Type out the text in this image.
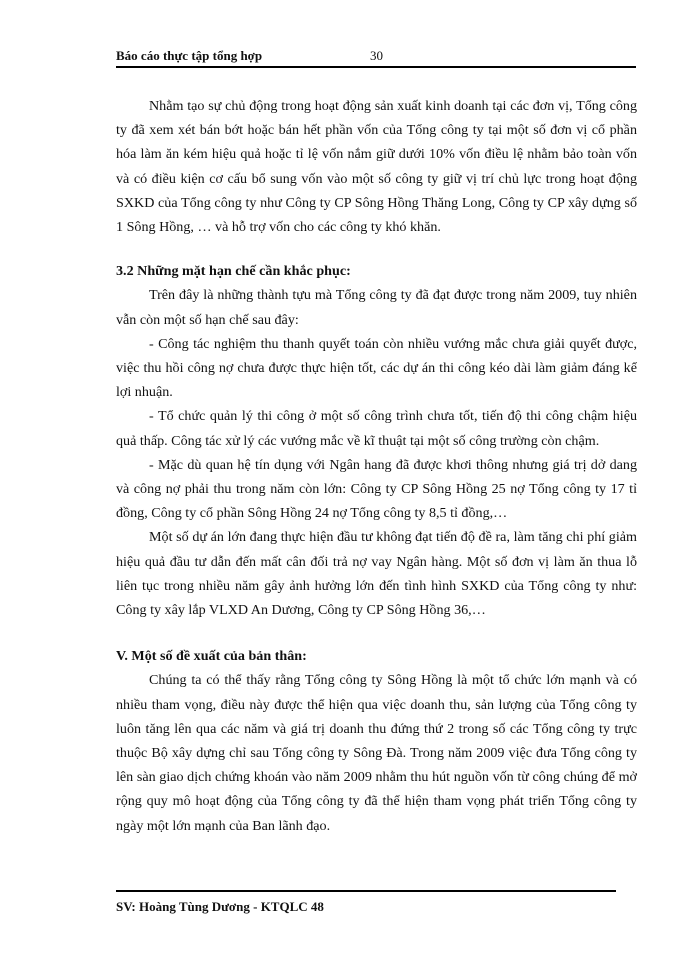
Báo cáo thực tập tổng hợp	30

Nhằm tạo sự chủ động trong hoạt động sản xuất kinh doanh tại các đơn vị, Tổng công ty đã xem xét bán bớt hoặc bán hết phần vốn của Tổng công ty tại một số đơn vị cổ phần hóa làm ăn kém hiệu quả hoặc tỉ lệ vốn nắm giữ dưới 10% vốn điều lệ nhằm bảo toàn vốn và có điều kiện cơ cấu bổ sung vốn vào một số công ty giữ vị trí chủ lực trong hoạt động SXKD của Tổng công ty như Công ty CP Sông Hồng Thăng Long, Công ty CP xây dựng số 1 Sông Hồng, … và hỗ trợ vốn cho các công ty khó khăn.

3.2 Những mặt hạn chế cần khắc phục:

Trên đây là những thành tựu mà Tổng công ty đã đạt được trong năm 2009, tuy nhiên vẫn còn một số hạn chế sau đây:

- Công tác nghiệm thu thanh quyết toán còn nhiều vướng mắc chưa giải quyết được, việc thu hồi công nợ chưa được thực hiện tốt, các dự án thi công kéo dài làm giảm đáng kể lợi nhuận.

- Tổ chức quản lý thi công ở một số công trình chưa tốt, tiến độ thi công chậm hiệu quả thấp. Công tác xử lý các vướng mắc về kĩ thuật tại một số công trường còn chậm.

- Mặc dù quan hệ tín dụng với Ngân hang đã được khơi thông nhưng giá trị dở dang và công nợ phải thu trong năm còn lớn: Công ty CP Sông Hồng 25 nợ Tổng công ty 17 tỉ đồng, Công ty cổ phần Sông Hồng 24 nợ Tổng công ty 8,5 tỉ đồng,…

Một số dự án lớn đang thực hiện đầu tư không đạt tiến độ đề ra, làm tăng chi phí giảm hiệu quả đầu tư dẫn đến mất cân đối trả nợ vay Ngân hàng. Một số đơn vị làm ăn thua lỗ liên tục trong nhiều năm gây ảnh hưởng lớn đến tình hình SXKD của Tổng công ty như: Công ty xây lắp VLXD An Dương, Công ty CP Sông Hồng 36,…

V. Một số đề xuất của bản thân:

Chúng ta có thể thấy rằng Tổng công ty Sông Hồng là một tổ chức lớn mạnh và có nhiều tham vọng, điều này được thể hiện qua việc doanh thu, sản lượng của Tổng công ty luôn tăng lên qua các năm và giá trị doanh thu đứng thứ 2 trong số các Tổng công ty trực thuộc Bộ xây dựng chỉ sau Tổng công ty Sông Đà. Trong năm 2009 việc đưa Tổng công ty lên sàn giao dịch chứng khoán vào năm 2009 nhằm thu hút nguồn vốn từ công chúng để mở rộng quy mô hoạt động của Tổng công ty đã thể hiện tham vọng phát triển Tổng công ty ngày một lớn mạnh của Ban lãnh đạo.

SV: Hoàng Tùng Dương - KTQLC 48
